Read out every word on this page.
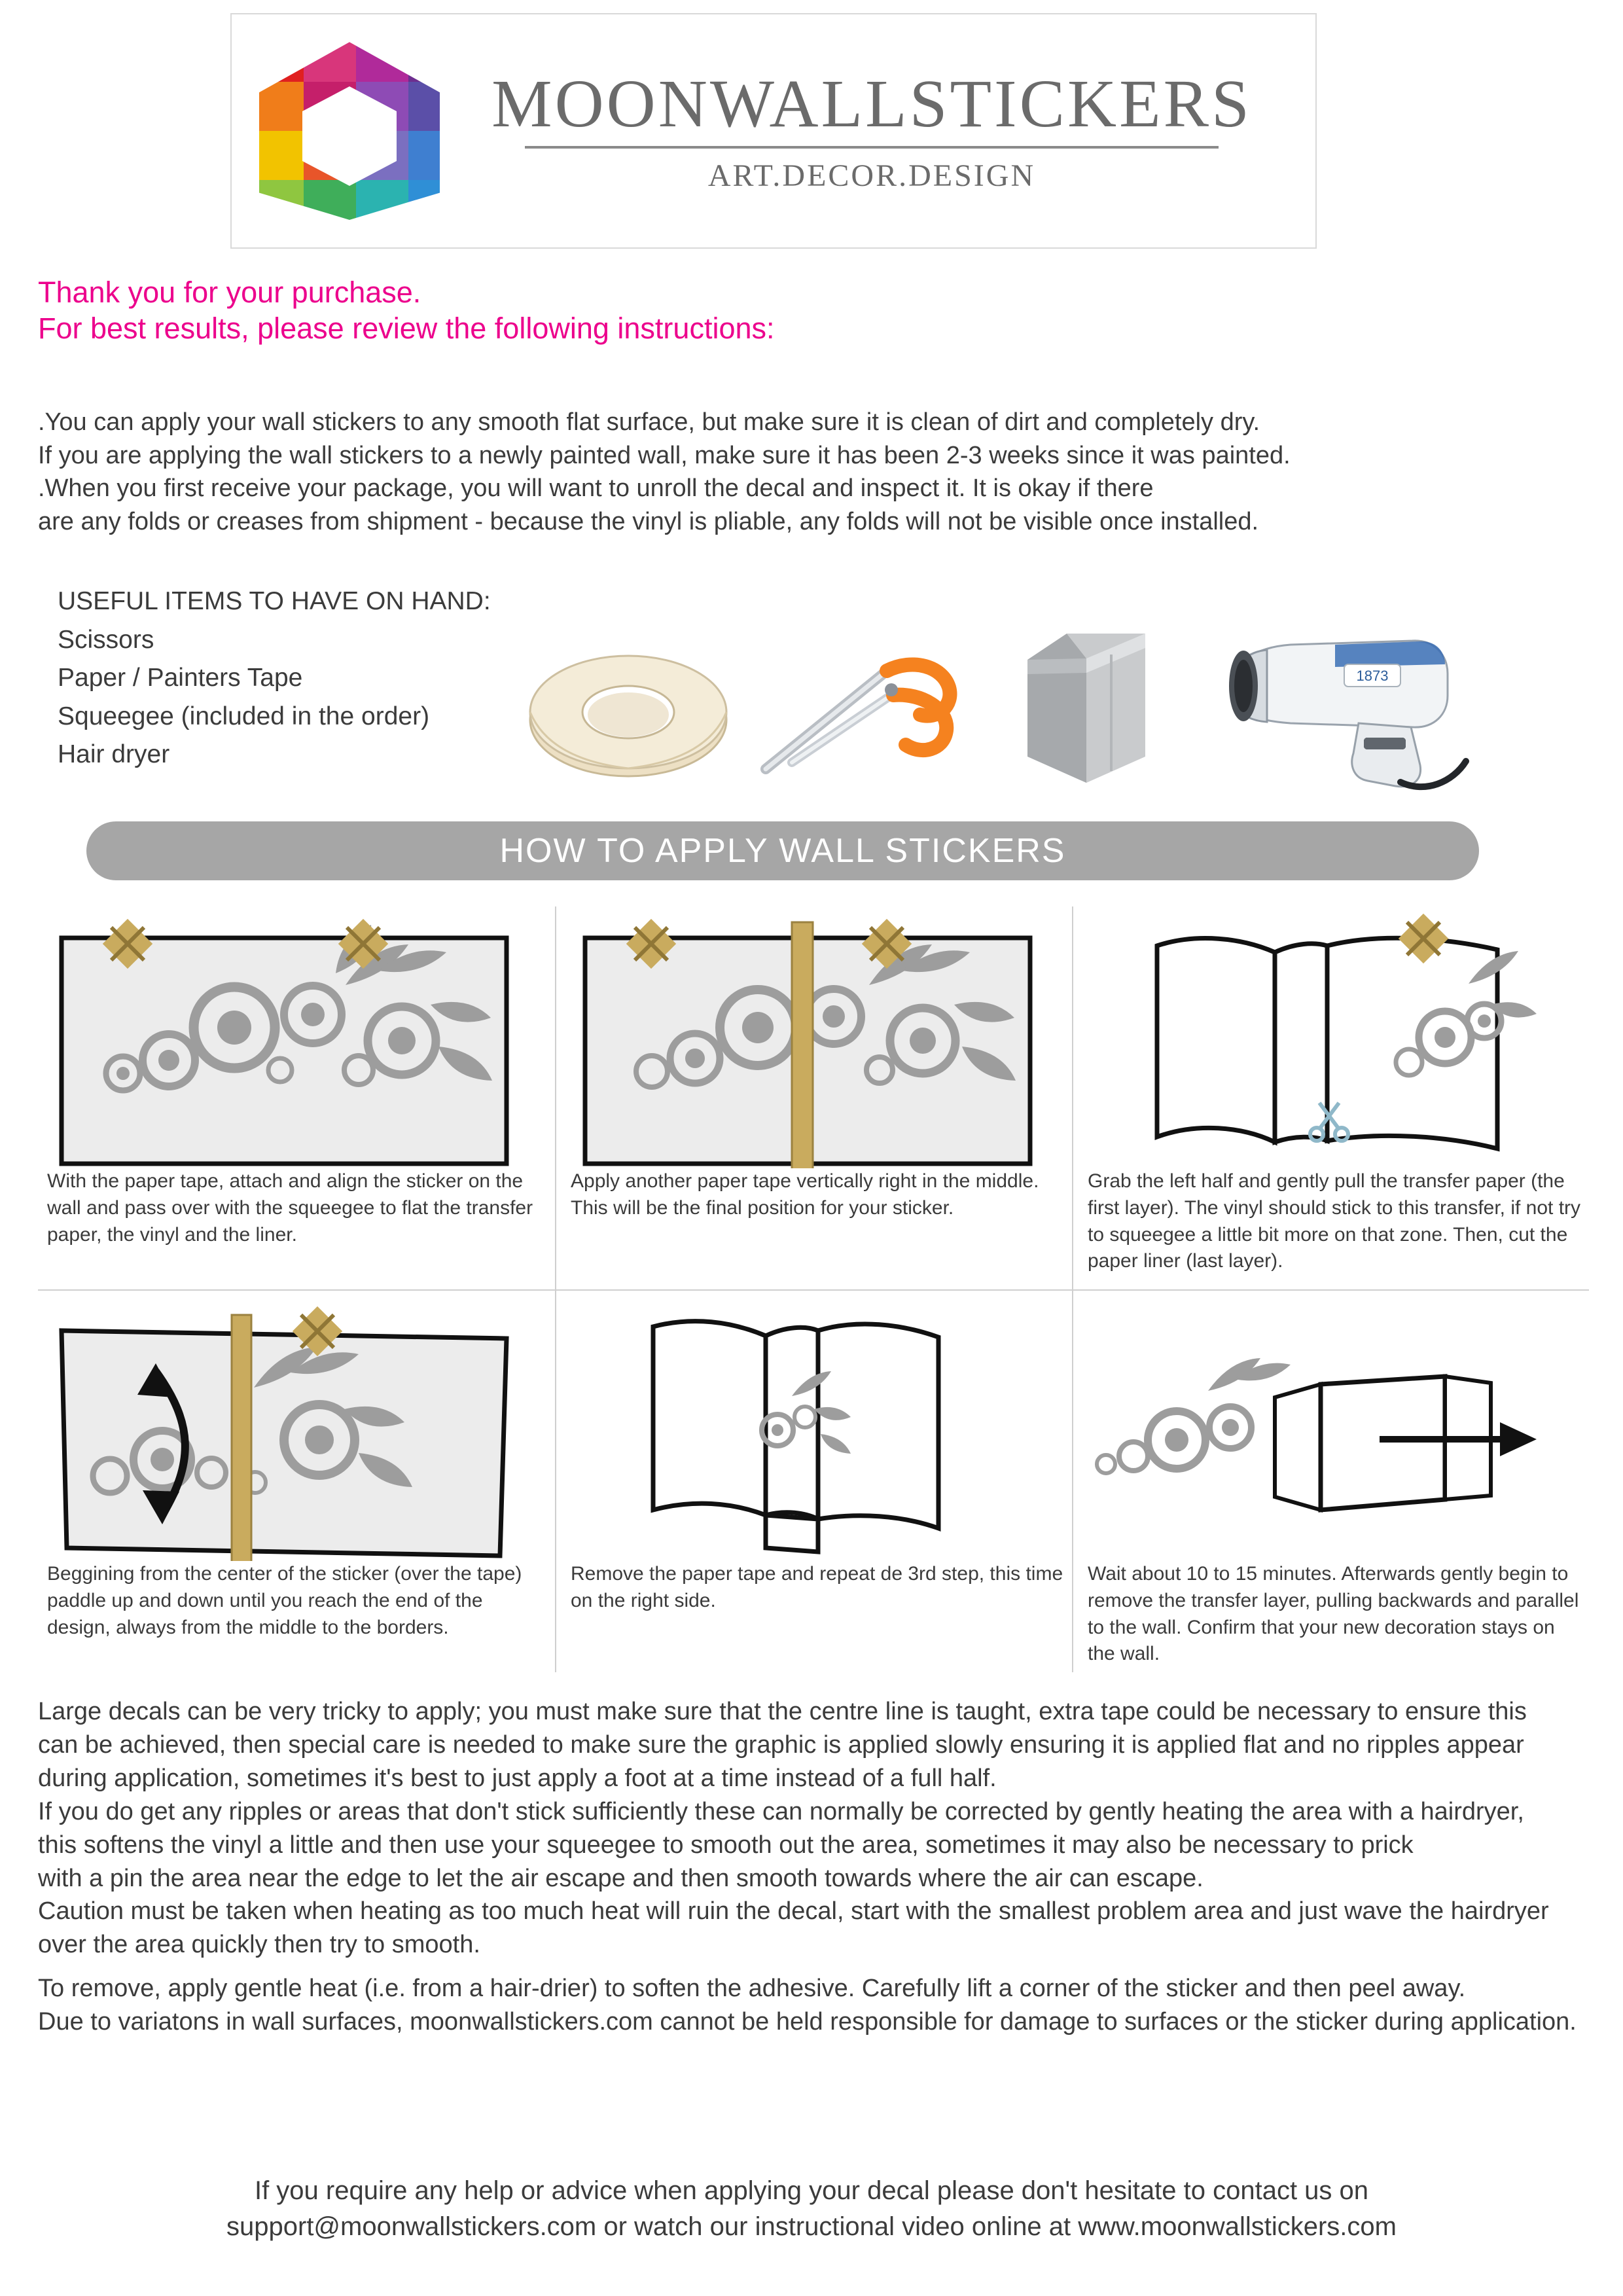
MOONWALLSTICKERS
ART.DECOR.DESIGN
Thank you for your purchase.
For best results, please review the following instructions:
.You can apply your wall stickers to any smooth flat surface, but make sure it is clean of dirt and completely dry.
If you are applying the wall stickers to a newly painted wall, make sure it has been 2-3 weeks since it was painted.
.When you first receive your package, you will want to unroll the decal and inspect it. It is okay if there
are any folds or creases from shipment - because the vinyl is pliable, any folds will not be visible once installed.
USEFUL ITEMS TO HAVE ON HAND:
Scissors
Paper / Painters Tape
Squeegee (included in the order)
Hair dryer
1873
HOW TO APPLY WALL STICKERS
With the paper tape, attach and align the sticker on the wall and pass over with the squeegee to flat the transfer paper, the vinyl and the liner.
Apply another paper tape vertically right in the middle. This will be the final position for your sticker.
Grab the left half and gently pull the transfer paper (the first layer). The vinyl should stick to this transfer, if not try to squeegee a little bit more on that zone. Then, cut the paper liner (last layer).
Beggining from the center of the sticker (over the tape) paddle up and down until you reach the end of the design, always from the middle to the borders.
Remove the paper tape and repeat de 3rd step, this time on the right side.
Wait about 10 to 15 minutes. Afterwards gently begin to remove the transfer layer, pulling backwards and parallel to the wall. Confirm that your new decoration stays on the wall.

Large decals can be very tricky to apply; you must make sure that the centre line is taught, extra tape could be necessary to ensure this

can be achieved, then special care is needed to make sure the graphic is applied slowly ensuring it is applied flat and no ripples appear

during application, sometimes it's best to just apply a foot at a time instead of a full half.

If you do get any ripples or areas that don't stick sufficiently these can normally be corrected by gently heating the area with a hairdryer,

this softens the vinyl a little and then use your squeegee to smooth out the area, sometimes it may also be necessary to prick

with a pin the area near the edge to let the air escape and then smooth towards where the air can escape.

Caution must be taken when heating as too much heat will ruin the decal, start with the smallest problem area and just wave the hairdryer

over the area quickly then try to smooth.

To remove, apply gentle heat (i.e. from a hair-drier) to soften the adhesive. Carefully lift a corner of the sticker and then peel away.

Due to variatons in wall surfaces, moonwallstickers.com cannot be held responsible for damage to surfaces or the sticker during application.

If you require any help or advice when applying your decal please don't hesitate to contact us on
support@moonwallstickers.com or watch our instructional video online at www.moonwallstickers.com
